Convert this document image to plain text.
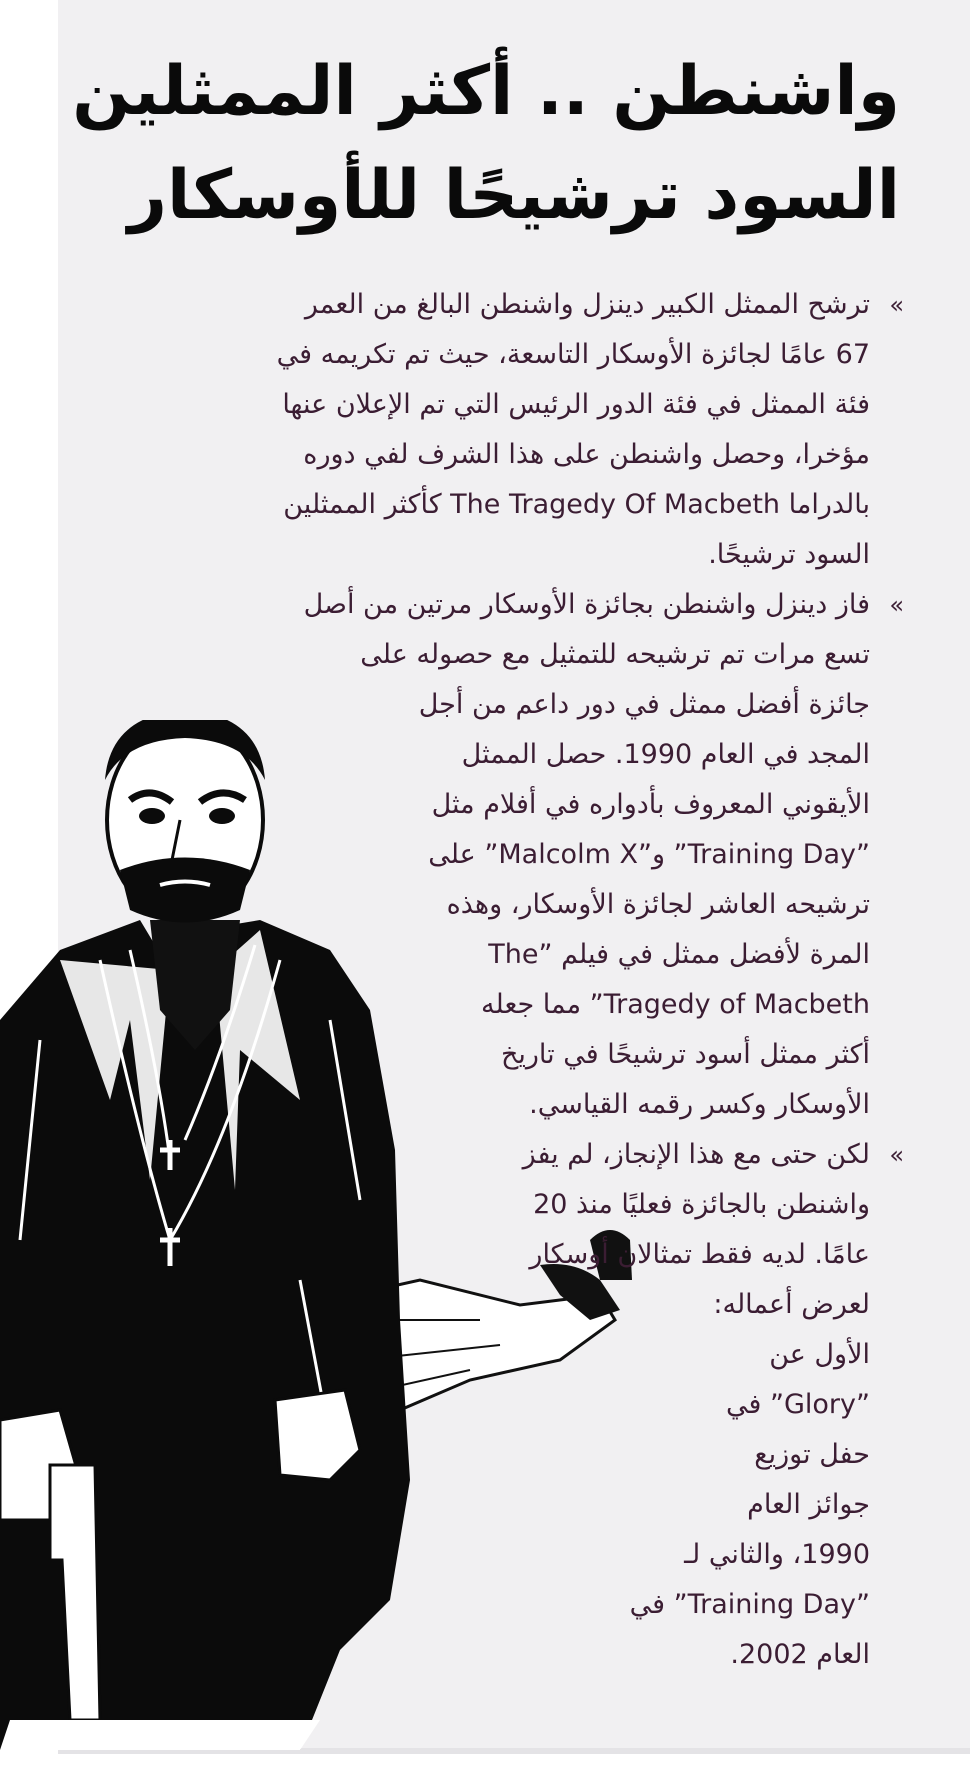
واشنطن .. أكثر الممثلين
السود ترشيحًا للأوسكار
»
ترشح الممثل الكبير دينزل واشنطن البالغ من العمر
67 عامًا لجائزة الأوسكار التاسعة، حيث تم تكريمه في
فئة الممثل في فئة الدور الرئيس التي تم الإعلان عنها
مؤخرا، وحصل واشنطن على هذا الشرف لفي دوره
بالدراما The Tragedy Of Macbeth كأكثر الممثلين
السود ترشيحًا.
»
فاز دينزل واشنطن بجائزة الأوسكار مرتين من أصل
تسع مرات تم ترشيحه للتمثيل مع حصوله على
جائزة أفضل ممثل في دور داعم من أجل
المجد في العام 1990. حصل الممثل
الأيقوني المعروف بأدواره في أفلام مثل
”Training Day” و”Malcolm X” على
ترشيحه العاشر لجائزة الأوسكار، وهذه
المرة لأفضل ممثل في فيلم ”The
Tragedy of Macbeth” مما جعله
أكثر ممثل أسود ترشيحًا في تاريخ
الأوسكار وكسر رقمه القياسي.
»
لكن حتى مع هذا الإنجاز، لم يفز
واشنطن بالجائزة فعليًا منذ 20
عامًا. لديه فقط تمثالان أوسكار
لعرض أعماله:
الأول عن
”Glory” في
حفل توزيع
جوائز العام
1990، والثاني لـ
”Training Day” في
العام 2002.
